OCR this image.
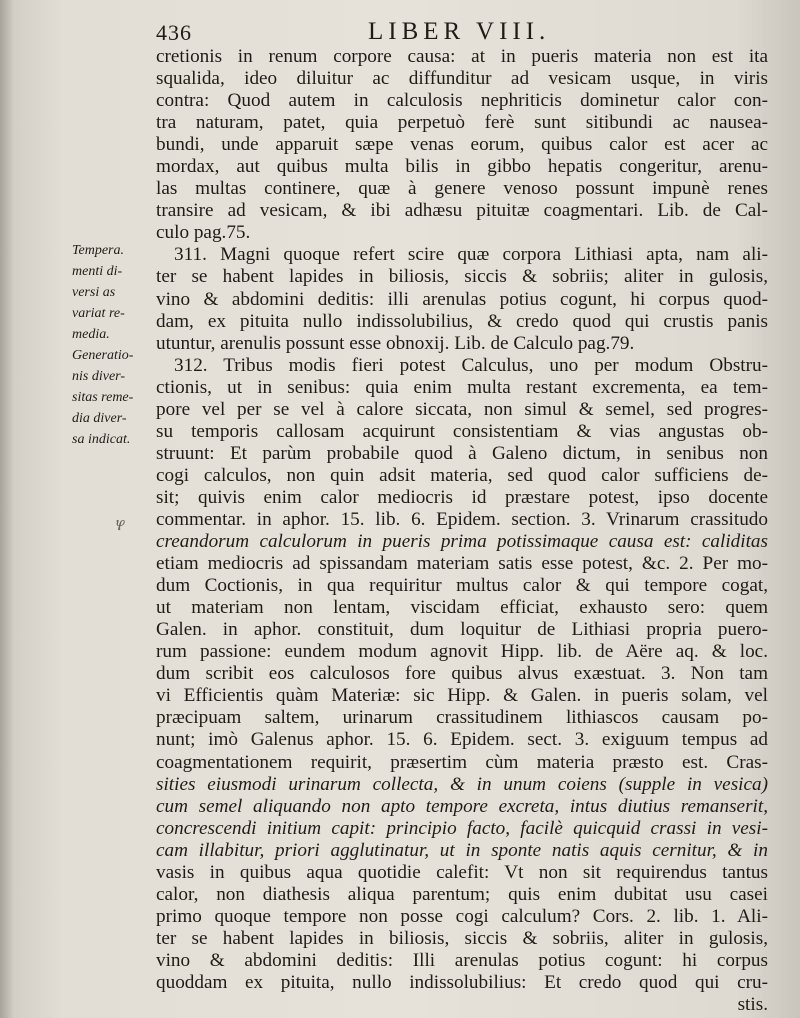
436	LIBER VIII.
Tempera.
menti di-
versi as
variat re-
media.
Generatio-
nis diver-
sitas reme-
dia diver-
sa indicat.
ⳡ
cretionis in renum corpore causa: at in pueris materia non est ita
squalida, ideo diluitur ac diffunditur ad vesicam usque, in viris
contra: Quod autem in calculosis nephriticis dominetur calor con-
tra naturam, patet, quia perpetuò ferè sunt sitibundi ac nausea-
bundi, unde apparuit sæpe venas eorum, quibus calor est acer ac
mordax, aut quibus multa bilis in gibbo hepatis congeritur, arenu-
las multas continere, quæ à genere venoso possunt impunè renes
transire ad vesicam, & ibi adhæsu pituitæ coagmentari. Lib. de Cal-
culo pag.75.
311. Magni quoque refert scire quæ corpora Lithiasi apta, nam ali-
ter se habent lapides in biliosis, siccis & sobriis; aliter in gulosis,
vino & abdomini deditis: illi arenulas potius cogunt, hi corpus quod-
dam, ex pituita nullo indissolubilius, & credo quod qui crustis panis
utuntur, arenulis possunt esse obnoxij. Lib. de Calculo pag.79.
312. Tribus modis fieri potest Calculus, uno per modum Obstru-
ctionis, ut in senibus: quia enim multa restant excrementa, ea tem-
pore vel per se vel à calore siccata, non simul & semel, sed progres-
su temporis callosam acquirunt consistentiam & vias angustas ob-
struunt: Et parùm probabile quod à Galeno dictum, in senibus non
cogi calculos, non quin adsit materia, sed quod calor sufficiens de-
sit; quivis enim calor mediocris id præstare potest, ipso docente
commentar. in aphor. 15. lib. 6. Epidem. section. 3. Vrinarum crassitudo
creandorum calculorum in pueris prima potissimaque causa est: caliditas
etiam mediocris ad spissandam materiam satis esse potest, &c. 2. Per mo-
dum Coctionis, in qua requiritur multus calor & qui tempore cogat,
ut materiam non lentam, viscidam efficiat, exhausto sero: quem
Galen. in aphor. constituit, dum loquitur de Lithiasi propria puero-
rum passione: eundem modum agnovit Hipp. lib. de Aëre aq. & loc.
dum scribit eos calculosos fore quibus alvus exæstuat. 3. Non tam
vi Efficientis quàm Materiæ: sic Hipp. & Galen. in pueris solam, vel
præcipuam saltem, urinarum crassitudinem lithiascos causam po-
nunt; imò Galenus aphor. 15. 6. Epidem. sect. 3. exiguum tempus ad
coagmentationem requirit, præsertim cùm materia præsto est. Cras-
sities eiusmodi urinarum collecta, & in unum coiens (supple in vesica)
cum semel aliquando non apto tempore excreta, intus diutius remanserit,
concrescendi initium capit: principio facto, facilè quicquid crassi in vesi-
cam illabitur, priori agglutinatur, ut in sponte natis aquis cernitur, & in
vasis in quibus aqua quotidie calefit: Vt non sit requirendus tantus
calor, non diathesis aliqua parentum; quis enim dubitat usu casei
primo quoque tempore non posse cogi calculum? Cors. 2. lib. 1. Ali-
ter se habent lapides in biliosis, siccis & sobriis, aliter in gulosis,
vino & abdomini deditis: Illi arenulas potius cogunt: hi corpus
quoddam ex pituita, nullo indissolubilius: Et credo quod qui cru-
stis.
